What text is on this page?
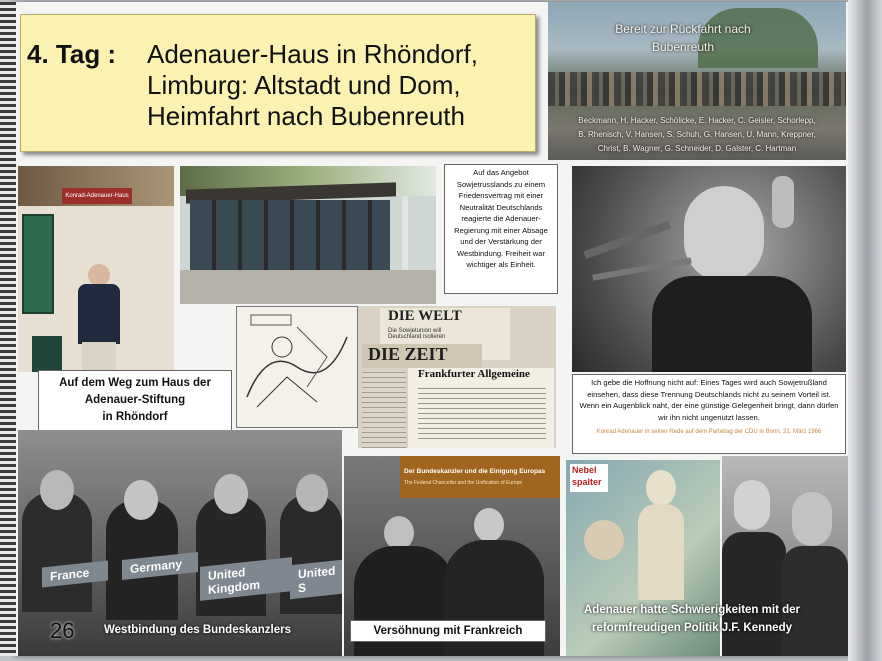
4. Tag : Adenauer-Haus in Rhöndorf,
Limburg: Altstadt und Dom,
Heimfahrt nach Bubenreuth
Bereit zur Rückfahrt nach
Bubenreuth
Beckmann, H. Hacker, Schölicke, E. Hacker, C. Geisler, Schorlepp,
B. Rhenisch, V. Hansen, S. Schuh, G. Hansen, U. Mann, Kreppner,
Christ, B. Wagner, G. Schneider, D. Galster, C. Hartman
Konrad-Adenauer-Haus
Auf dem Weg zum Haus der
Adenauer-Stiftung
in Rhöndorf
Auf das Angebot Sowjetrusslands zu einem Friedensvertrag mit einer Neutralität Deutschlands reagierte die Adenauer-Regierung mit einer Absage und der Verstärkung der Westbindung. Freiheit war wichtiger als Einheit.
DIE WELT
Die Sowjetunion will Deutschland isolieren
DIE ZEIT
Frankfurter Allgemeine
Ich gebe die Hoffnung nicht auf: Eines Tages wird auch Sowjetrußland einsehen, dass diese Trennung Deutschlands nicht zu seinem Vorteil ist. Wenn ein Augenblick naht, der eine günstige Gelegenheit bringt, dann dürfen wir ihn nicht ungenutzt lassen.
Konrad Adenauer in seiner Rede auf dem Parteitag der CDU in Bonn, 21. März 1966
France	Germany	United Kingdom
United S
26	Westbindung des Bundeskanzlers
Der Bundeskanzler und die Einigung Europas
The Federal Chancellor and the Unification of Europe
Versöhnung mit Frankreich
Nebel spalter
Adenauer hatte Schwierigkeiten mit der
reformfreudigen Politik J.F. Kennedy
